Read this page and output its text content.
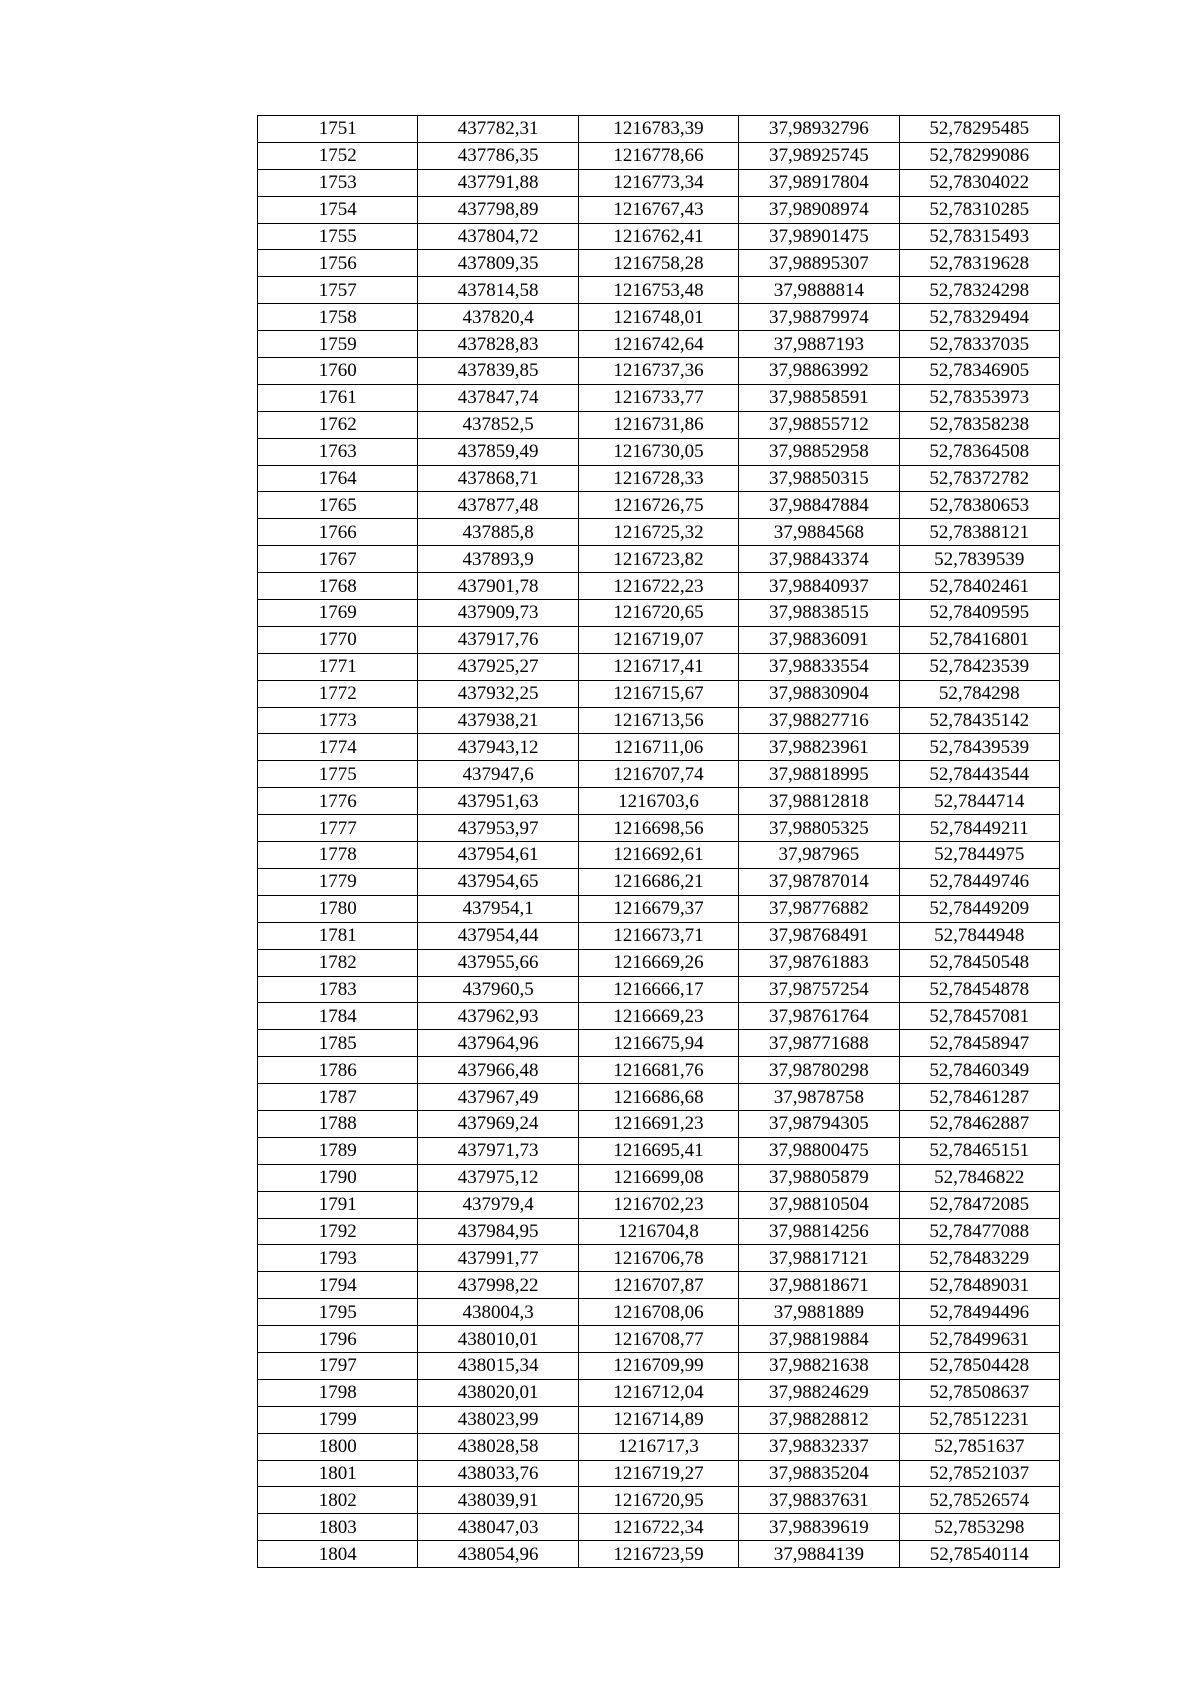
1751	437782,31	1216783,39	37,98932796	52,78295485
1752	437786,35	1216778,66	37,98925745	52,78299086
1753	437791,88	1216773,34	37,98917804	52,78304022
1754	437798,89	1216767,43	37,98908974	52,78310285
1755	437804,72	1216762,41	37,98901475	52,78315493
1756	437809,35	1216758,28	37,98895307	52,78319628
1757	437814,58	1216753,48	37,9888814	52,78324298
1758	437820,4	1216748,01	37,98879974	52,78329494
1759	437828,83	1216742,64	37,9887193	52,78337035
1760	437839,85	1216737,36	37,98863992	52,78346905
1761	437847,74	1216733,77	37,98858591	52,78353973
1762	437852,5	1216731,86	37,98855712	52,78358238
1763	437859,49	1216730,05	37,98852958	52,78364508
1764	437868,71	1216728,33	37,98850315	52,78372782
1765	437877,48	1216726,75	37,98847884	52,78380653
1766	437885,8	1216725,32	37,9884568	52,78388121
1767	437893,9	1216723,82	37,98843374	52,7839539
1768	437901,78	1216722,23	37,98840937	52,78402461
1769	437909,73	1216720,65	37,98838515	52,78409595
1770	437917,76	1216719,07	37,98836091	52,78416801
1771	437925,27	1216717,41	37,98833554	52,78423539
1772	437932,25	1216715,67	37,98830904	52,784298
1773	437938,21	1216713,56	37,98827716	52,78435142
1774	437943,12	1216711,06	37,98823961	52,78439539
1775	437947,6	1216707,74	37,98818995	52,78443544
1776	437951,63	1216703,6	37,98812818	52,7844714
1777	437953,97	1216698,56	37,98805325	52,78449211
1778	437954,61	1216692,61	37,987965	52,7844975
1779	437954,65	1216686,21	37,98787014	52,78449746
1780	437954,1	1216679,37	37,98776882	52,78449209
1781	437954,44	1216673,71	37,98768491	52,7844948
1782	437955,66	1216669,26	37,98761883	52,78450548
1783	437960,5	1216666,17	37,98757254	52,78454878
1784	437962,93	1216669,23	37,98761764	52,78457081
1785	437964,96	1216675,94	37,98771688	52,78458947
1786	437966,48	1216681,76	37,98780298	52,78460349
1787	437967,49	1216686,68	37,9878758	52,78461287
1788	437969,24	1216691,23	37,98794305	52,78462887
1789	437971,73	1216695,41	37,98800475	52,78465151
1790	437975,12	1216699,08	37,98805879	52,7846822
1791	437979,4	1216702,23	37,98810504	52,78472085
1792	437984,95	1216704,8	37,98814256	52,78477088
1793	437991,77	1216706,78	37,98817121	52,78483229
1794	437998,22	1216707,87	37,98818671	52,78489031
1795	438004,3	1216708,06	37,9881889	52,78494496
1796	438010,01	1216708,77	37,98819884	52,78499631
1797	438015,34	1216709,99	37,98821638	52,78504428
1798	438020,01	1216712,04	37,98824629	52,78508637
1799	438023,99	1216714,89	37,98828812	52,78512231
1800	438028,58	1216717,3	37,98832337	52,7851637
1801	438033,76	1216719,27	37,98835204	52,78521037
1802	438039,91	1216720,95	37,98837631	52,78526574
1803	438047,03	1216722,34	37,98839619	52,7853298
1804	438054,96	1216723,59	37,9884139	52,78540114
